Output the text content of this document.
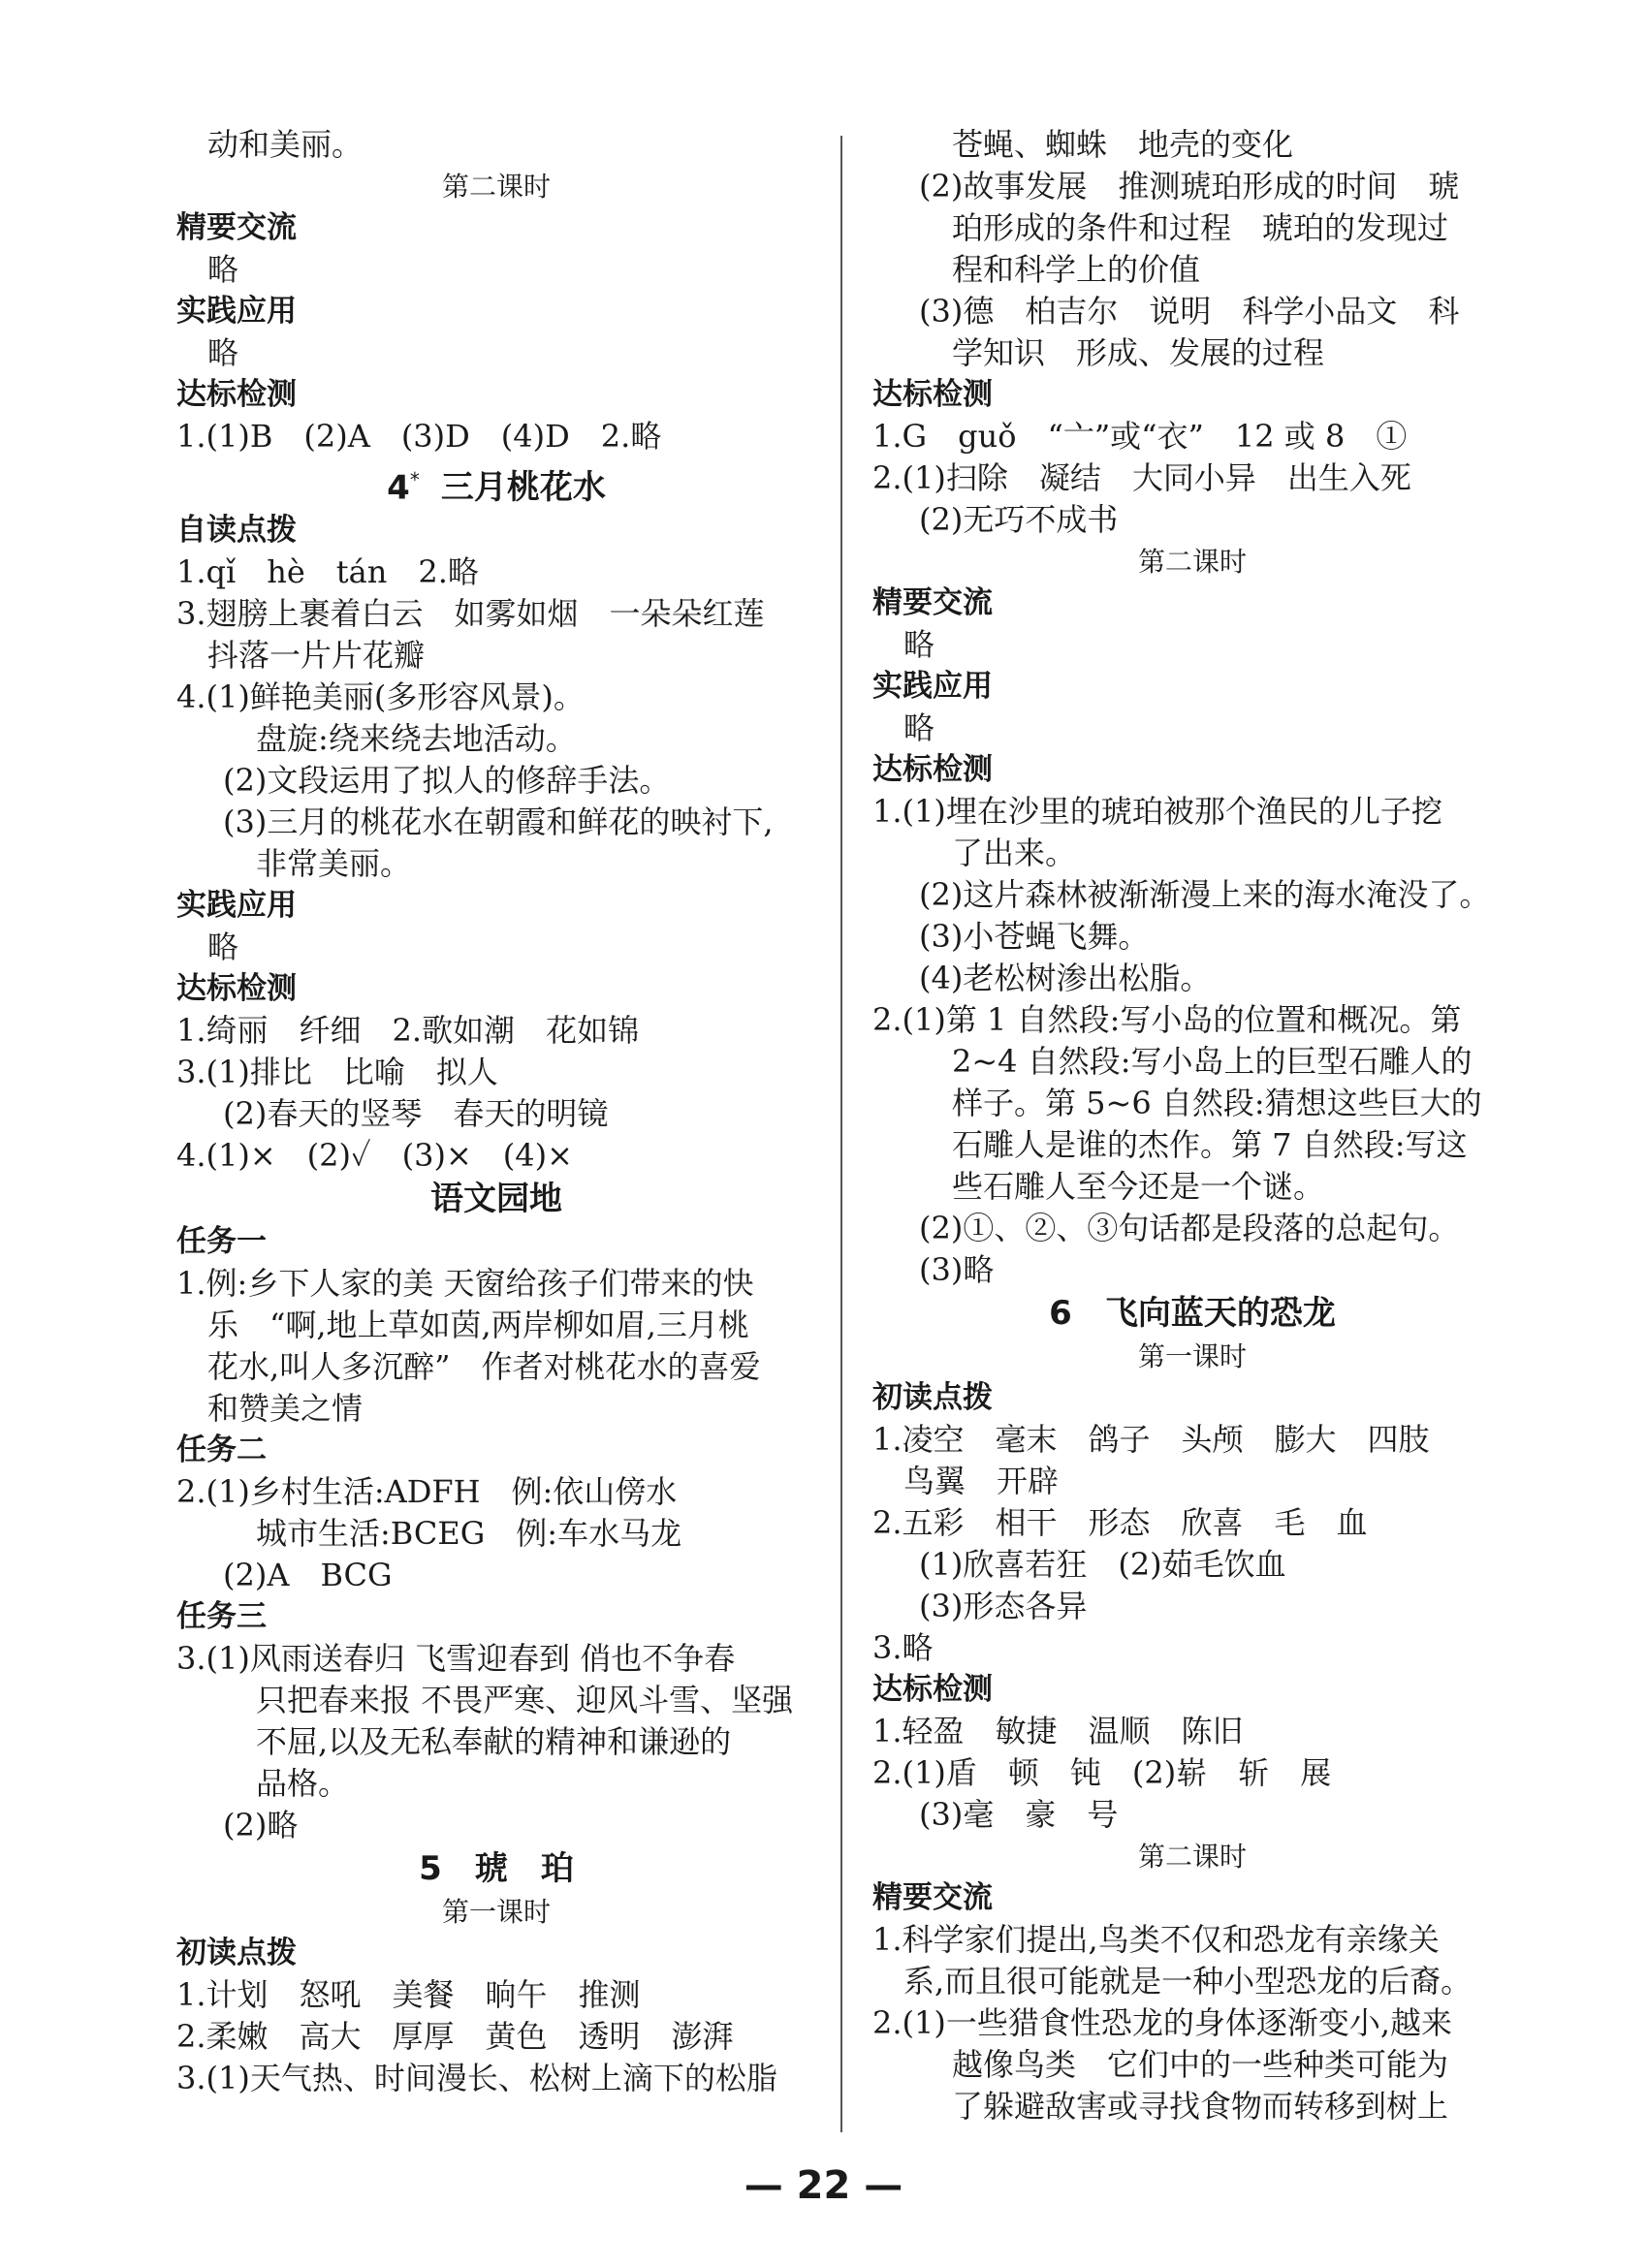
动和美丽。
第二课时
精要交流
略
实践应用
略
达标检测
1.(1)B　(2)A　(3)D　(4)D　2.略
4* 三月桃花水
自读点拨
1.qǐ　hè　tán　2.略
3.翅膀上裹着白云　如雾如烟　一朵朵红莲
抖落一片片花瓣
4.(1)鲜艳美丽(多形容风景)。
盘旋:绕来绕去地活动。
(2)文段运用了拟人的修辞手法。
(3)三月的桃花水在朝霞和鲜花的映衬下,
非常美丽。
实践应用
略
达标检测
1.绮丽　纤细　2.歌如潮　花如锦
3.(1)排比　比喻　拟人
(2)春天的竖琴　春天的明镜
4.(1)×　(2)✓　(3)×　(4)×
语文园地
任务一
1.例:乡下人家的美 天窗给孩子们带来的快
乐　“啊,地上草如茵,两岸柳如眉,三月桃
花水,叫人多沉醉”　作者对桃花水的喜爱
和赞美之情
任务二
2.(1)乡村生活:ADFH　例:依山傍水
城市生活:BCEG　例:车水马龙
(2)A　BCG
任务三
3.(1)风雨送春归 飞雪迎春到 俏也不争春
只把春来报 不畏严寒、迎风斗雪、坚强
不屈,以及无私奉献的精神和谦逊的
品格。
(2)略
5　琥　珀
第一课时
初读点拨
1.计划　怒吼　美餐　晌午　推测
2.柔嫩　高大　厚厚　黄色　透明　澎湃
3.(1)天气热、时间漫长、松树上滴下的松脂
苍蝇、蜘蛛　地壳的变化
(2)故事发展　推测琥珀形成的时间　琥
珀形成的条件和过程　琥珀的发现过
程和科学上的价值
(3)德　柏吉尔　说明　科学小品文　科
学知识　形成、发展的过程
达标检测
1.G　guǒ　“亠”或“衣”　12 或 8　①
2.(1)扫除　凝结　大同小异　出生入死
(2)无巧不成书
第二课时
精要交流
略
实践应用
略
达标检测
1.(1)埋在沙里的琥珀被那个渔民的儿子挖
了出来。
(2)这片森林被渐渐漫上来的海水淹没了。
(3)小苍蝇飞舞。
(4)老松树渗出松脂。
2.(1)第 1 自然段:写小岛的位置和概况。第
2~4 自然段:写小岛上的巨型石雕人的
样子。第 5~6 自然段:猜想这些巨大的
石雕人是谁的杰作。第 7 自然段:写这
些石雕人至今还是一个谜。
(2)①、②、③句话都是段落的总起句。
(3)略
6　飞向蓝天的恐龙
第一课时
初读点拨
1.凌空　毫末　鸽子　头颅　膨大　四肢
鸟翼　开辟
2.五彩　相干　形态　欣喜　毛　血
(1)欣喜若狂　(2)茹毛饮血
(3)形态各异
3.略
达标检测
1.轻盈　敏捷　温顺　陈旧
2.(1)盾　顿　钝　(2)崭　斩　展
(3)毫　豪　号
第二课时
精要交流
1.科学家们提出,鸟类不仅和恐龙有亲缘关
系,而且很可能就是一种小型恐龙的后裔。
2.(1)一些猎食性恐龙的身体逐渐变小,越来
越像鸟类　它们中的一些种类可能为
了躲避敌害或寻找食物而转移到树上
— 22 —
